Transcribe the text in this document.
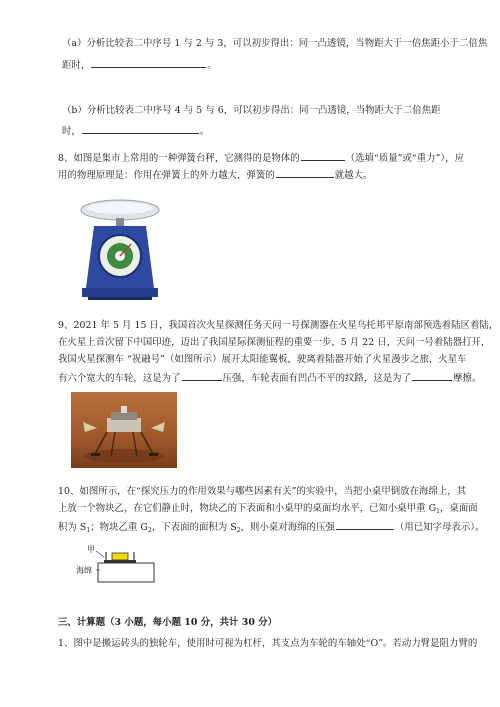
（a）分析比较表二中序号 1 与 2 与 3，可以初步得出：同一凸透镜，当物距大于一倍焦距小于二倍焦
距时，	。
（b）分析比较表二中序号 4 与 5 与 6，可以初步得出：同一凸透镜，当物距大于二倍焦距
时，	。
8、如图是集市上常用的一种弹簧台秤，它测得的是物体的	（选填“质量”或“重力”），应
用的物理原理是：作用在弹簧上的外力越大，弹簧的	就越大。
9、2021 年 5 月 15 日，我国首次火星探测任务天问一号探测器在火星乌托邦平原南部预选着陆区着陆，
在火星上首次留下中国印迹，迈出了我国星际探测征程的重要一步，5 月 22 日，天问一号着陆器打开，
我国火星探测车 “祝融号”（如图所示）展开太阳能翼板，驶离着陆器开始了火星漫步之旅，火星车
有六个宽大的车轮，这是为了	压强，车轮表面有凹凸不平的纹路，这是为了	摩擦。
10、如图所示，在“探究压力的作用效果与哪些因素有关”的实验中，当把小桌甲倒放在海绵上，其
上放一个物块乙，在它们静止时，物块乙的下表面和小桌甲的桌面均水平，已知小桌甲重 $G_1$，桌面面
积为 $S_1$；物块乙重 $G_2$，下表面的面积为 $S_2$，则小桌对海绵的压强	（用已知字母表示）。
甲
海绵
三、计算题（3 小题，每小题 10 分，共计 30 分）
1、图中是搬运砖头的独轮车，使用时可视为杠杆，其支点为车轮的车轴处“O”。若动力臂是阻力臂的
